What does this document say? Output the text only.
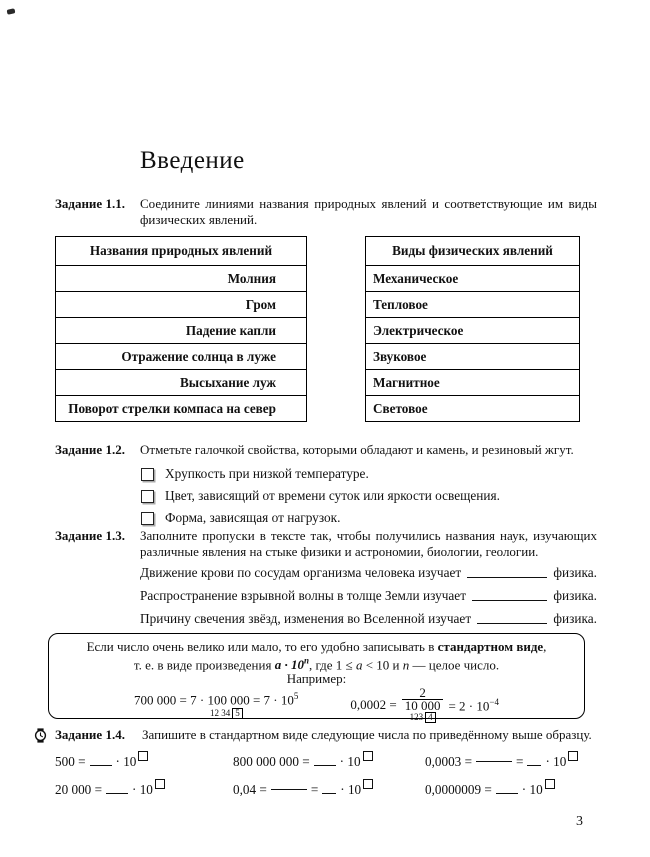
Введение
Задание 1.1.	Соедините линиями названия природных явлений и соответствующие им виды физических явлений.
Названия природных явлений
Молния
Гром
Падение капли
Отражение солнца в луже
Высыхание луж
Поворот стрелки компаса на север
Виды физических явлений
Механическое
Тепловое
Электрическое
Звуковое
Магнитное
Световое
Задание 1.2.	Отметьте галочкой свойства, которыми обладают и камень, и резиновый жгут.
Хрупкость при низкой температуре.
Цвет, зависящий от времени суток или яркости освещения.
Форма, зависящая от нагрузок.
Задание 1.3.	Заполните пропуски в тексте так, чтобы получились названия наук, изучающих различные явления на стыке физики и астрономии, биологии, геологии.
Движение крови по сосудам организма человека изучает	физика.
Распространение взрывной волны в толще Земли изучает	физика.
Причину свечения звёзд, изменения во Вселенной изучает	физика.
Если число очень велико или мало, то его удобно записывать в стандартном виде,
т. е. в виде произведения $a \cdot 10^n$, где 1 ≤ a < 10 и n — целое число.
Например:
700 000 = 7 · 100 $000 = 7 \cdot 10^5$
12 34 5
0,0002 =
2
10 000
123 4
= $2 \cdot 10^{-4}$
Задание 1.4.	Запишите в стандартном виде следующие числа по приведённому выше образцу.
500 = · 10	800 000 000 = · 10	0,0003 =	= · 10
20 000 = · 10	0,04 =	= · 10	0,0000009 = · 10
3
